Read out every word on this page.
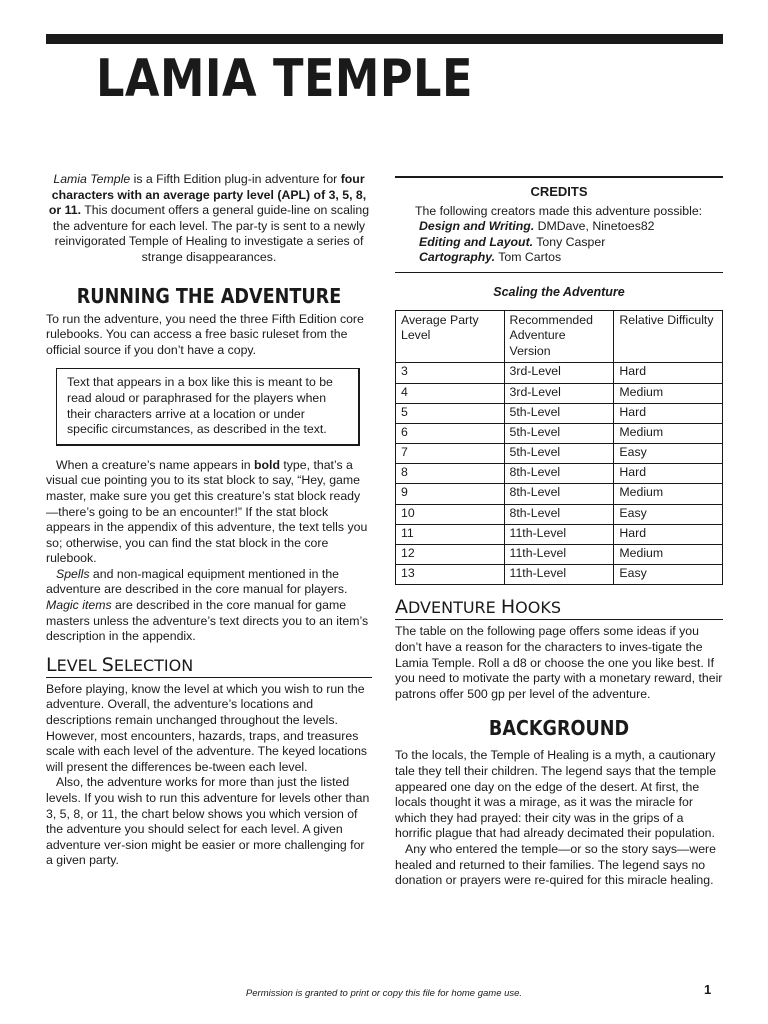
LAMIA TEMPLE

Lamia Temple is a Fifth Edition plug-in adventure for four characters with an average party level (APL) of 3, 5, 8, or 11. This document offers a general guide-line on scaling the adventure for each level. The par-ty is sent to a newly reinvigorated Temple of Healing to investigate a series of strange disappearances.

RUNNING THE ADVENTURE

To run the adventure, you need the three Fifth Edition core rulebooks. You can access a free basic ruleset from the official source if you don’t have a copy.

Text that appears in a box like this is meant to be read aloud or paraphrased for the players when their characters arrive at a location or under specific circumstances, as described in the text.

When a creature’s name appears in bold type, that’s a visual cue pointing you to its stat block to say, “Hey, game master, make sure you get this creature’s stat block ready—there’s going to be an encounter!” If the stat block appears in the appendix of this adventure, the text tells you so; otherwise, you can find the stat block in the core rulebook.

Spells and non-magical equipment mentioned in the adventure are described in the core manual for players. Magic items are described in the core manual for game masters unless the adventure’s text directs you to an item’s description in the appendix.

LEVEL SELECTION

Before playing, know the level at which you wish to run the adventure. Overall, the adventure’s locations and descriptions remain unchanged throughout the levels. However, most encounters, hazards, traps, and treasures scale with each level of the adventure. The keyed locations will present the differences be-tween each level.

Also, the adventure works for more than just the listed levels. If you wish to run this adventure for levels other than 3, 5, 8, or 11, the chart below shows you which version of the adventure you should select for each level. A given adventure ver-sion might be easier or more challenging for a given party.

CREDITS

The following creators made this adventure possible:

Design and Writing. DMDave, Ninetoes82

Editing and Layout. Tony Casper

Cartography. Tom Cartos

Scaling the Adventure
Average Party Level	Recommended Adventure Version	Relative Difficulty
3	3rd-Level	Hard
4	3rd-Level	Medium
5	5th-Level	Hard
6	5th-Level	Medium
7	5th-Level	Easy
8	8th-Level	Hard
9	8th-Level	Medium
10	8th-Level	Easy
11	11th-Level	Hard
12	11th-Level	Medium
13	11th-Level	Easy
ADVENTURE HOOKS

The table on the following page offers some ideas if you don’t have a reason for the characters to inves-tigate the Lamia Temple. Roll a d8 or choose the one you like best. If you need to motivate the party with a monetary reward, their patrons offer 500 gp per level of the adventure.

BACKGROUND

To the locals, the Temple of Healing is a myth, a cautionary tale they tell their children. The legend says that the temple appeared one day on the edge of the desert. At first, the locals thought it was a mirage, as it was the miracle for which they had prayed: their city was in the grips of a horrific plague that had already decimated their population.

Any who entered the temple—or so the story says—were healed and returned to their families. The legend says no donation or prayers were re-quired for this miracle healing.

Permission is granted to print or copy this file for home game use.	1
